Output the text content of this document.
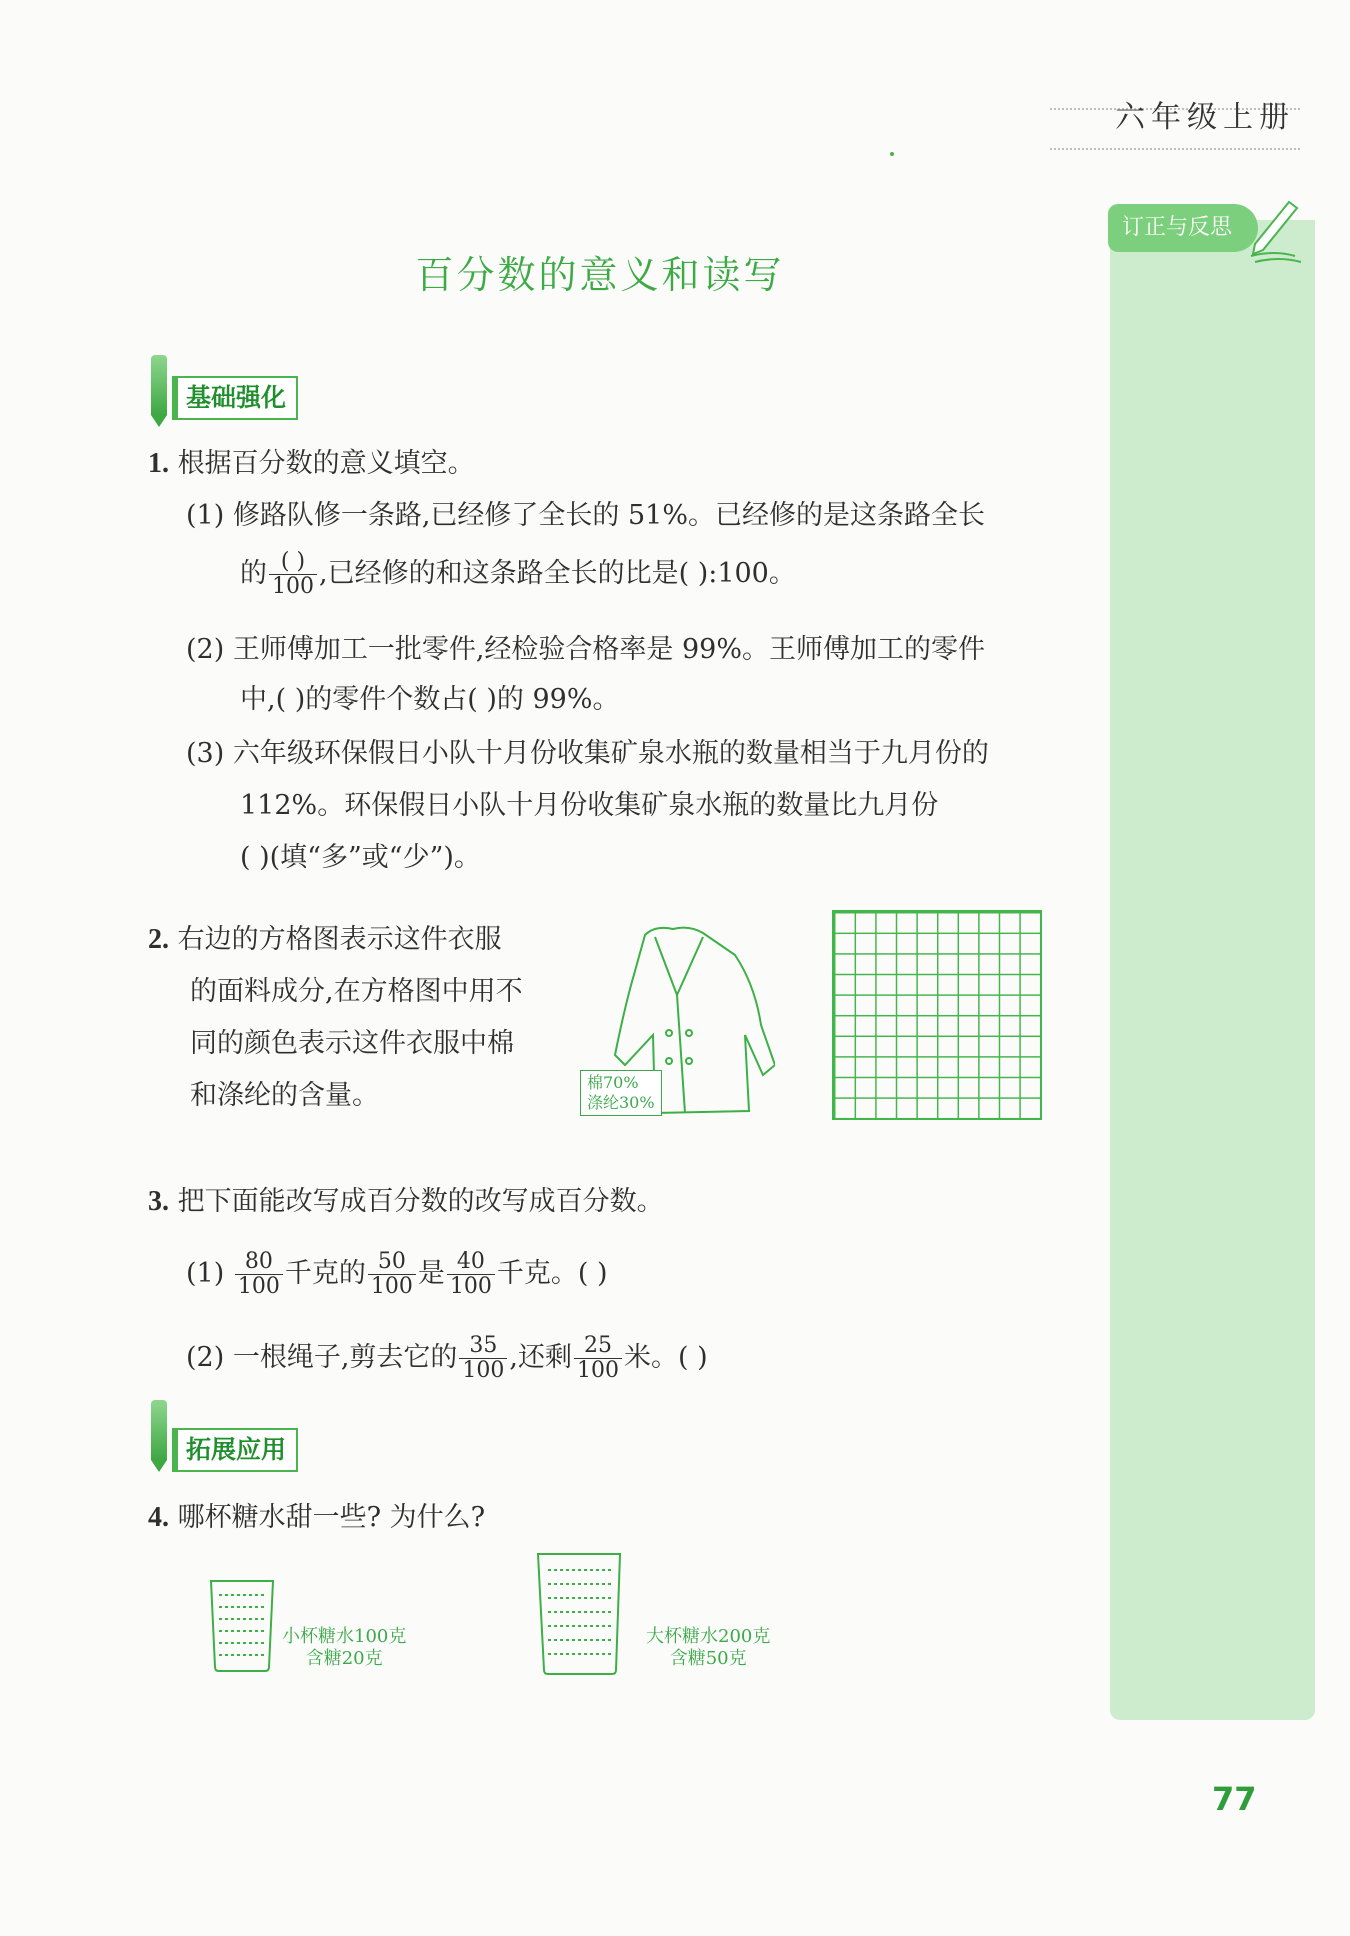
六年级上册
订正与反思
百分数的意义和读写
基础强化
1. 根据百分数的意义填空。
(1) 修路队修一条路,已经修了全长的 51%。已经修的是这条路全长
的 $\frac{( )}{100}$ ,已经修的和这条路全长的比是( ):100。
(2) 王师傅加工一批零件,经检验合格率是 99%。王师傅加工的零件
中,( )的零件个数占( )的 99%。
(3) 六年级环保假日小队十月份收集矿泉水瓶的数量相当于九月份的
112%。环保假日小队十月份收集矿泉水瓶的数量比九月份
( )(填“多”或“少”)。
2. 右边的方格图表示这件衣服
的面料成分,在方格图中用不
同的颜色表示这件衣服中棉
和涤纶的含量。	棉70%
涤纶30%
3. 把下面能改写成百分数的改写成百分数。
$(1) \frac{80}{100}$ 千克的 $\frac{50}{100}$ 是 $\frac{40}{100}$ 千克。( )
(2) 一根绳子,剪去它的 $\frac{35}{100}$ ,还剩 $\frac{25}{100}$ 米。( )
拓展应用
4. 哪杯糖水甜一些? 为什么?
小杯糖水100克
含糖20克
大杯糖水200克
含糖50克
77
